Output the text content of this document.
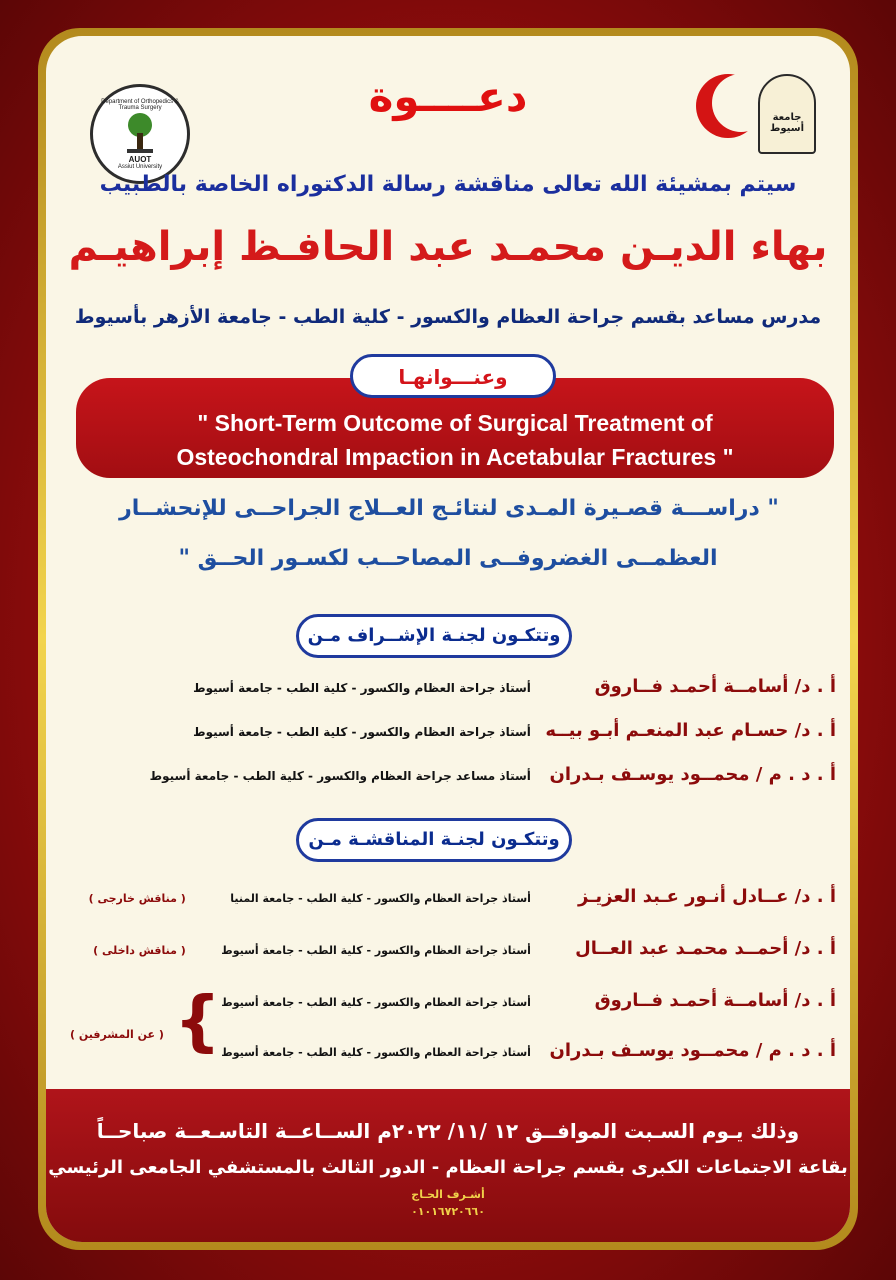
Department of Orthopedics & Trauma Surgery
AUOT
Assiut University
جامعة أسيوط
دعــــوة
سيتم بمشيئة الله تعالى مناقشة رسالة الدكتوراه الخاصة بالطبيب
بهاء الديـن محمـد عبد الحافـظ إبراهيـم
مدرس مساعد بقسم جراحة العظام والكسور - كلية الطب - جامعة الأزهر بأسيوط
وعنـــوانهـا
" Short-Term Outcome of Surgical Treatment of
Osteochondral Impaction in Acetabular Fractures "
" دراســـة قصـيرة المـدى لنتائـج العــلاج الجراحــى للإنحشــار
العظمــى الغضروفــى المصاحــب لكسـور الحــق "
وتتكـون لجنـة الإشــراف مـن
أ . د/ أسامــة أحمـد فــاروق أستاذ جراحة العظام والكسور - كلية الطب - جامعة أسيوط
أ . د/ حسـام عبد المنعـم أبـو بيــه أستاذ جراحة العظام والكسور - كلية الطب - جامعة أسيوط
أ . د . م / محمــود يوسـف بـدران أستاذ مساعد جراحة العظام والكسور - كلية الطب - جامعة أسيوط
وتتكـون لجنـة المناقشـة مـن
أ . د/ عــادل أنـور عـبد العزيـز أستاذ جراحة العظام والكسور - كلية الطب - جامعة المنيا ( مناقش خارجى )
أ . د/ أحمــد محمـد عبد العــال أستاذ جراحة العظام والكسور - كلية الطب - جامعة أسيوط ( مناقش داخلى )
أ . د/ أسامــة أحمـد فــاروق أستاذ جراحة العظام والكسور - كلية الطب - جامعة أسيوط
أ . د . م / محمــود يوسـف بـدران أستاذ جراحة العظام والكسور - كلية الطب - جامعة أسيوط
{
( عن المشرفين )
وذلك يـوم السـبت الموافــق ١٢ /١١/ ٢٠٢٢م الســاعــة التاسـعــة صباحــاً
بقاعة الاجتماعات الكبرى بقسم جراحة العظام - الدور الثالث بالمستشفي الجامعى الرئيسي
أشـرف الحـاج
٠١٠١٦٧٢٠٦٦٠
